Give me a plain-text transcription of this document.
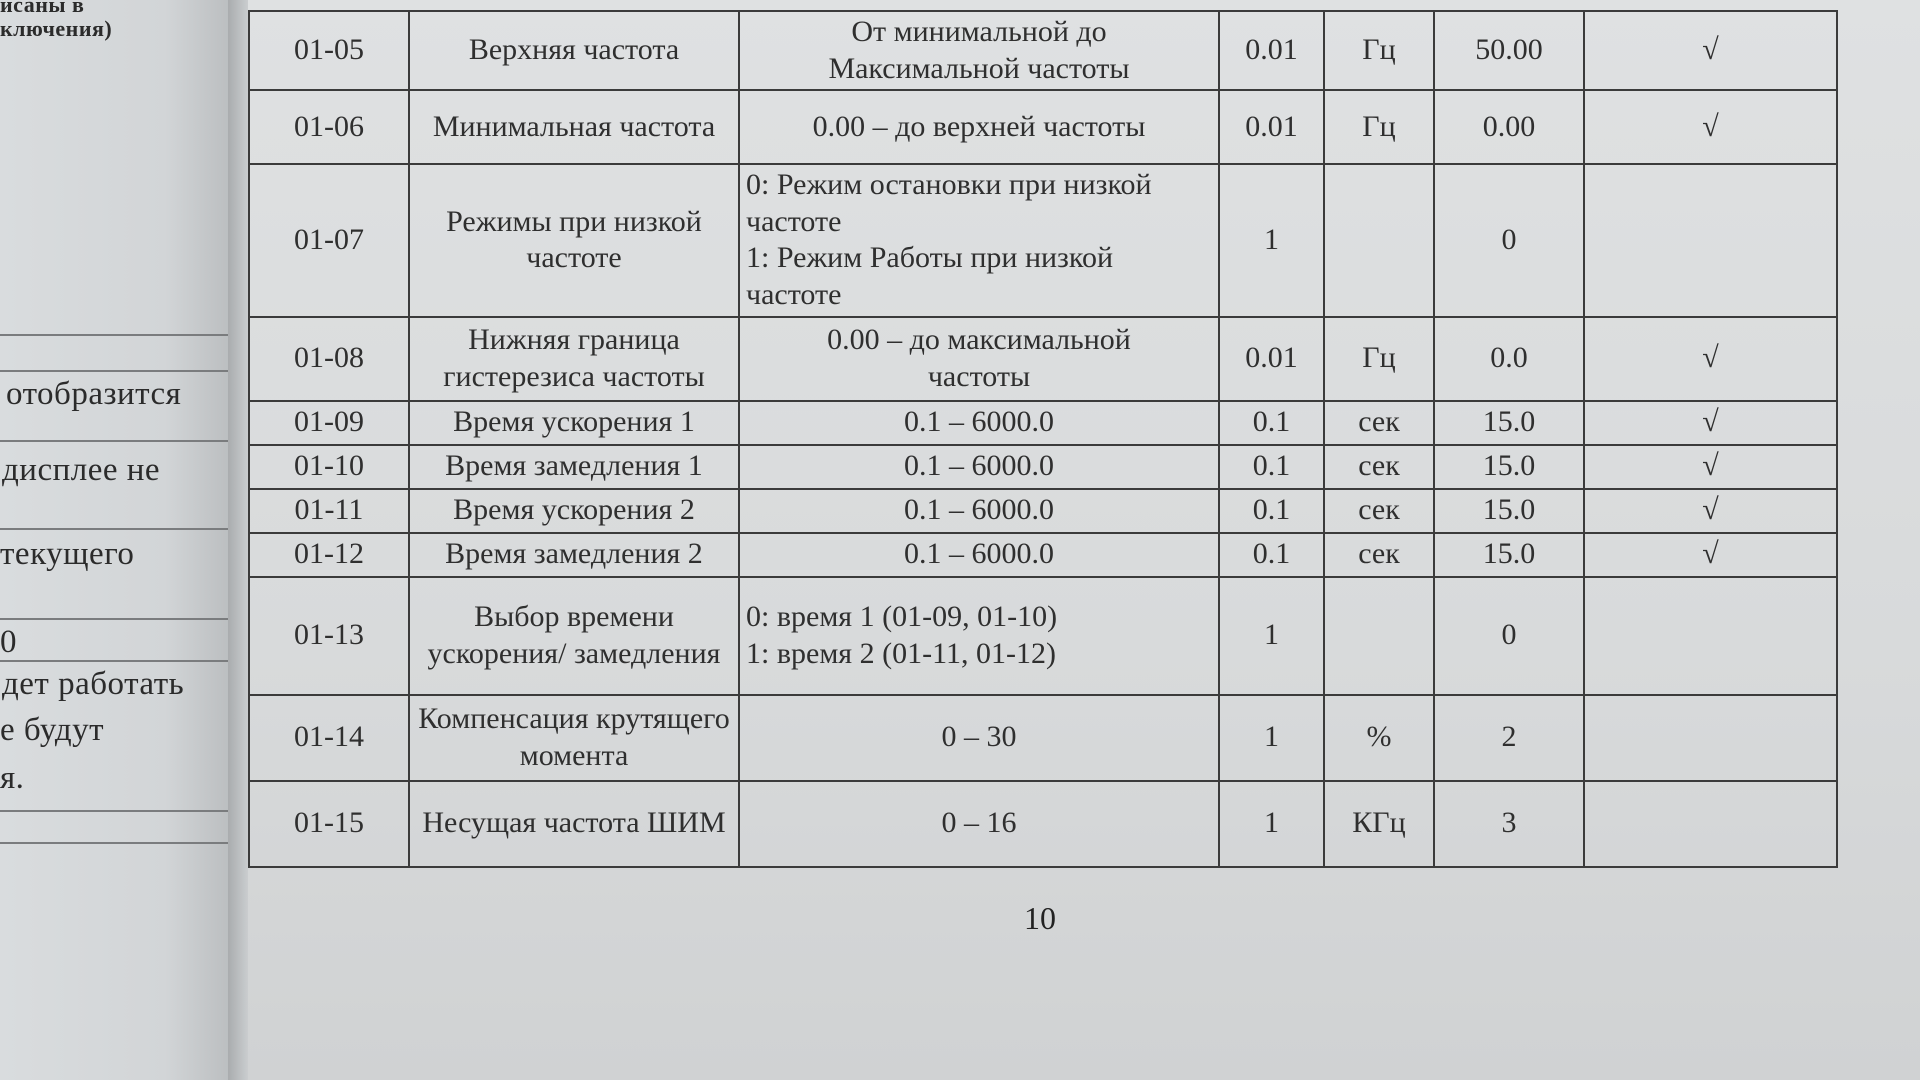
исаны в
ключения)
отобразится
дисплее не
текущего
0
дет работать
е будут
я.
01-05	Верхняя частота	От минимальной до
Максимальной частоты	0.01	Гц	50.00	√
01-06	Минимальная частота	0.00 – до верхней частоты	0.01	Гц	0.00	√
01-07	Режимы при низкой частоте	0: Режим остановки при низкой частоте
1: Режим Работы при низкой частоте	1		0	
01-08	Нижняя граница гистерезиса частоты	0.00 – до максимальной
частоты	0.01	Гц	0.0	√
01-09	Время ускорения 1	0.1 – 6000.0	0.1	сек	15.0	√
01-10	Время замедления 1	0.1 – 6000.0	0.1	сек	15.0	√
01-11	Время ускорения 2	0.1 – 6000.0	0.1	сек	15.0	√
01-12	Время замедления 2	0.1 – 6000.0	0.1	сек	15.0	√
01-13	Выбор времени ускорения/ замедления	0: время 1 (01-09, 01-10)
1: время 2 (01-11, 01-12)	1		0	
01-14	Компенсация крутящего момента	0 – 30	1	%	2	
01-15	Несущая частота ШИМ	0 – 16	1	КГц	3	
10
